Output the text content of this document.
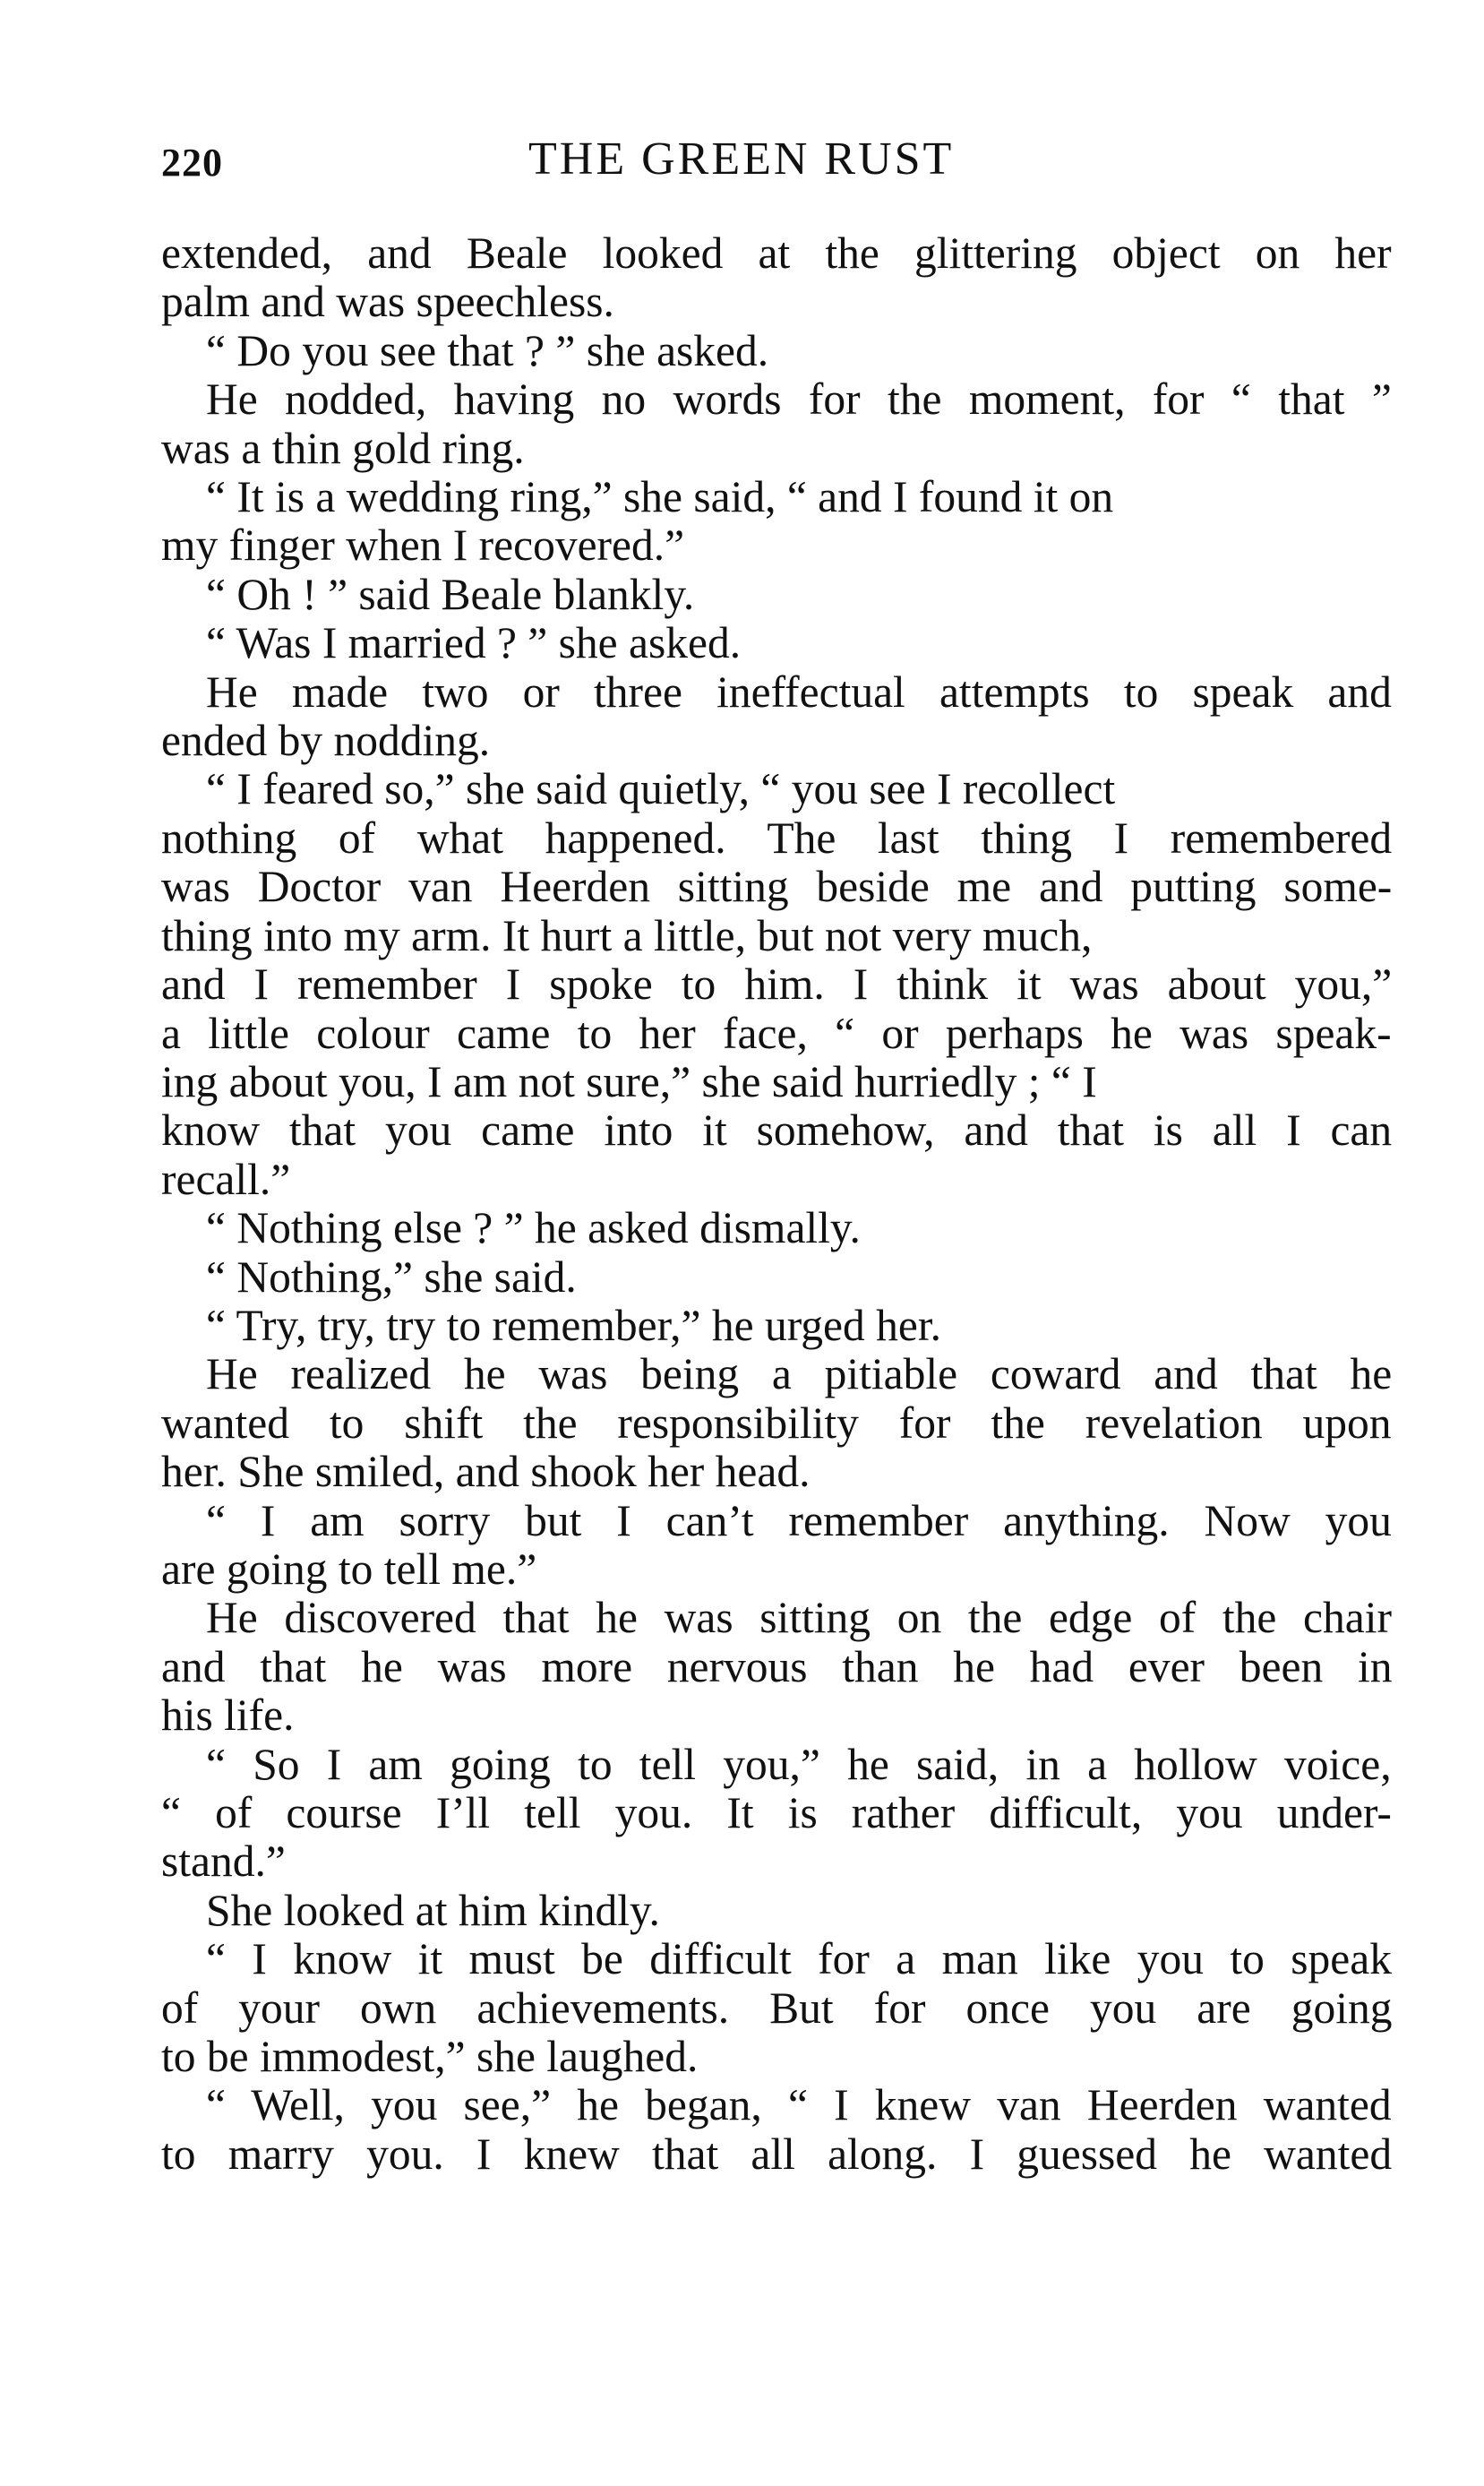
220	THE GREEN RUST
extended, and Beale looked at the glittering object on her
palm and was speechless.
“ Do you see that ? ” she asked.
He nodded, having no words for the moment, for “ that ”
was a thin gold ring.
“ It is a wedding ring,” she said, “ and I found it on
my finger when I recovered.”
“ Oh ! ” said Beale blankly.
“ Was I married ? ” she asked.
He made two or three ineffectual attempts to speak and
ended by nodding.
“ I feared so,” she said quietly, “ you see I recollect
nothing of what happened. The last thing I remembered
was Doctor van Heerden sitting beside me and putting some-
thing into my arm. It hurt a little, but not very much,
and I remember I spoke to him. I think it was about you,”
a little colour came to her face, “ or perhaps he was speak-
ing about you, I am not sure,” she said hurriedly ; “ I
know that you came into it somehow, and that is all I can
recall.”
“ Nothing else ? ” he asked dismally.
“ Nothing,” she said.
“ Try, try, try to remember,” he urged her.
He realized he was being a pitiable coward and that he
wanted to shift the responsibility for the revelation upon
her. She smiled, and shook her head.
“ I am sorry but I can’t remember anything. Now you
are going to tell me.”
He discovered that he was sitting on the edge of the chair
and that he was more nervous than he had ever been in
his life.
“ So I am going to tell you,” he said, in a hollow voice,
“ of course I’ll tell you. It is rather difficult, you under-
stand.”
She looked at him kindly.
“ I know it must be difficult for a man like you to speak
of your own achievements. But for once you are going
to be immodest,” she laughed.
“ Well, you see,” he began, “ I knew van Heerden wanted
to marry you. I knew that all along. I guessed he wanted
